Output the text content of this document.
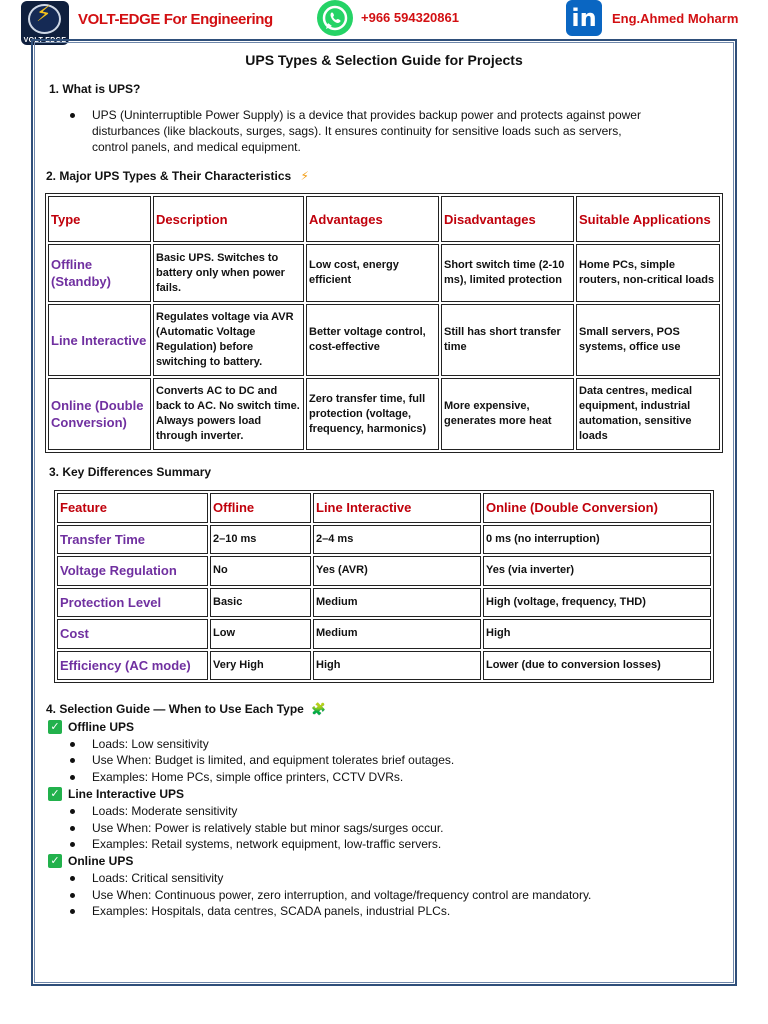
⚡
VOLT-EDGE
VOLT-EDGE For Engineering	+966 594320861	in	Eng.Ahmed Moharm
UPS Types & Selection Guide for Projects
1. What is UPS?
UPS (Uninterruptible Power Supply) is a device that provides backup power and protects against power
disturbances (like blackouts, surges, sags). It ensures continuity for sensitive loads such as servers,
control panels, and medical equipment.
2. Major UPS Types & Their Characteristics ⚡
Type	Description	Advantages	Disadvantages	Suitable Applications
Offline (Standby)	Basic UPS. Switches to battery only when power fails.	Low cost, energy efficient	Short switch time (2-10 ms), limited protection	Home PCs, simple routers, non-critical loads
Line Interactive	Regulates voltage via AVR (Automatic Voltage Regulation) before switching to battery.	Better voltage control, cost-effective	Still has short transfer time	Small servers, POS systems, office use
Online (Double Conversion)	Converts AC to DC and back to AC. No switch time. Always powers load through inverter.	Zero transfer time, full protection (voltage, frequency, harmonics)	More expensive, generates more heat	Data centres, medical equipment, industrial automation, sensitive loads
3. Key Differences Summary
Feature	Offline	Line Interactive	Online (Double Conversion)
Transfer Time	2–10 ms	2–4 ms	0 ms (no interruption)
Voltage Regulation	No	Yes (AVR)	Yes (via inverter)
Protection Level	Basic	Medium	High (voltage, frequency, THD)
Cost	Low	Medium	High
Efficiency (AC mode)	Very High	High	Lower (due to conversion losses)
4. Selection Guide — When to Use Each Type 🧩
✓ Offline UPS
Loads: Low sensitivity
Use When: Budget is limited, and equipment tolerates brief outages.
Examples: Home PCs, simple office printers, CCTV DVRs.
✓ Line Interactive UPS
Loads: Moderate sensitivity
Use When: Power is relatively stable but minor sags/surges occur.
Examples: Retail systems, network equipment, low-traffic servers.
✓ Online UPS
Loads: Critical sensitivity
Use When: Continuous power, zero interruption, and voltage/frequency control are mandatory.
Examples: Hospitals, data centres, SCADA panels, industrial PLCs.
